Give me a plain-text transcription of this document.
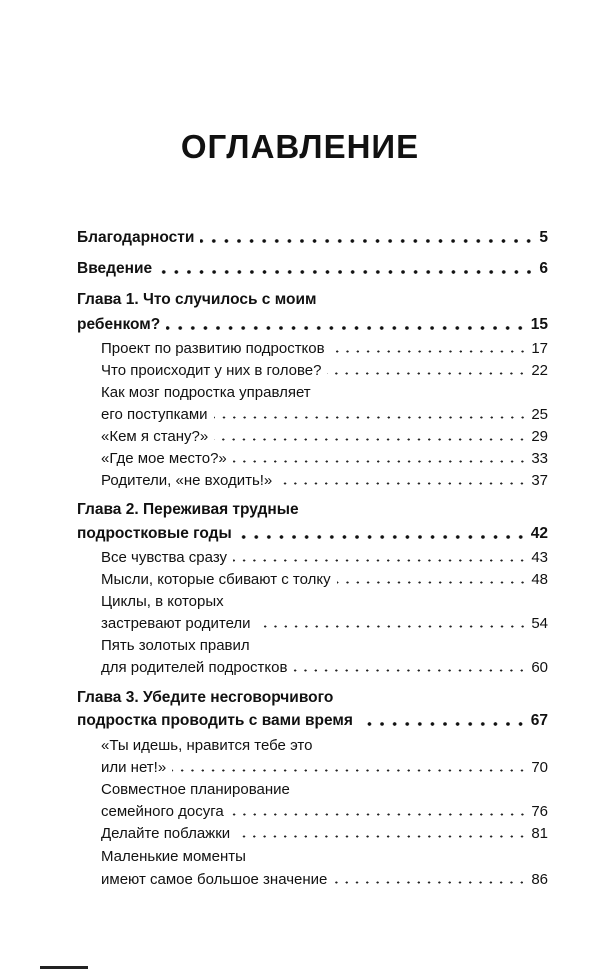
ОГЛАВЛЕНИЕ
Благодарности	5
Введение	6
Глава 1. Что случилось с моим
ребенком?	15
Проект по развитию подростков	17
Что происходит у них в голове?	22
Как мозг подростка управляет
его поступками	25
«Кем я стану?»	29
«Где мое место?»	33
Родители, «не входить!»	37
Глава 2. Переживая трудные
подростковые годы	42
Все чувства сразу	43
Мысли, которые сбивают с толку	48
Циклы, в которых
застревают родители	54
Пять золотых правил
для родителей подростков	60
Глава 3. Убедите несговорчивого
подростка проводить с вами время	67
«Ты идешь, нравится тебе это
или нет!»	70
Совместное планирование
семейного досуга	76
Делайте поблажки	81
Маленькие моменты
имеют самое большое значение	86
